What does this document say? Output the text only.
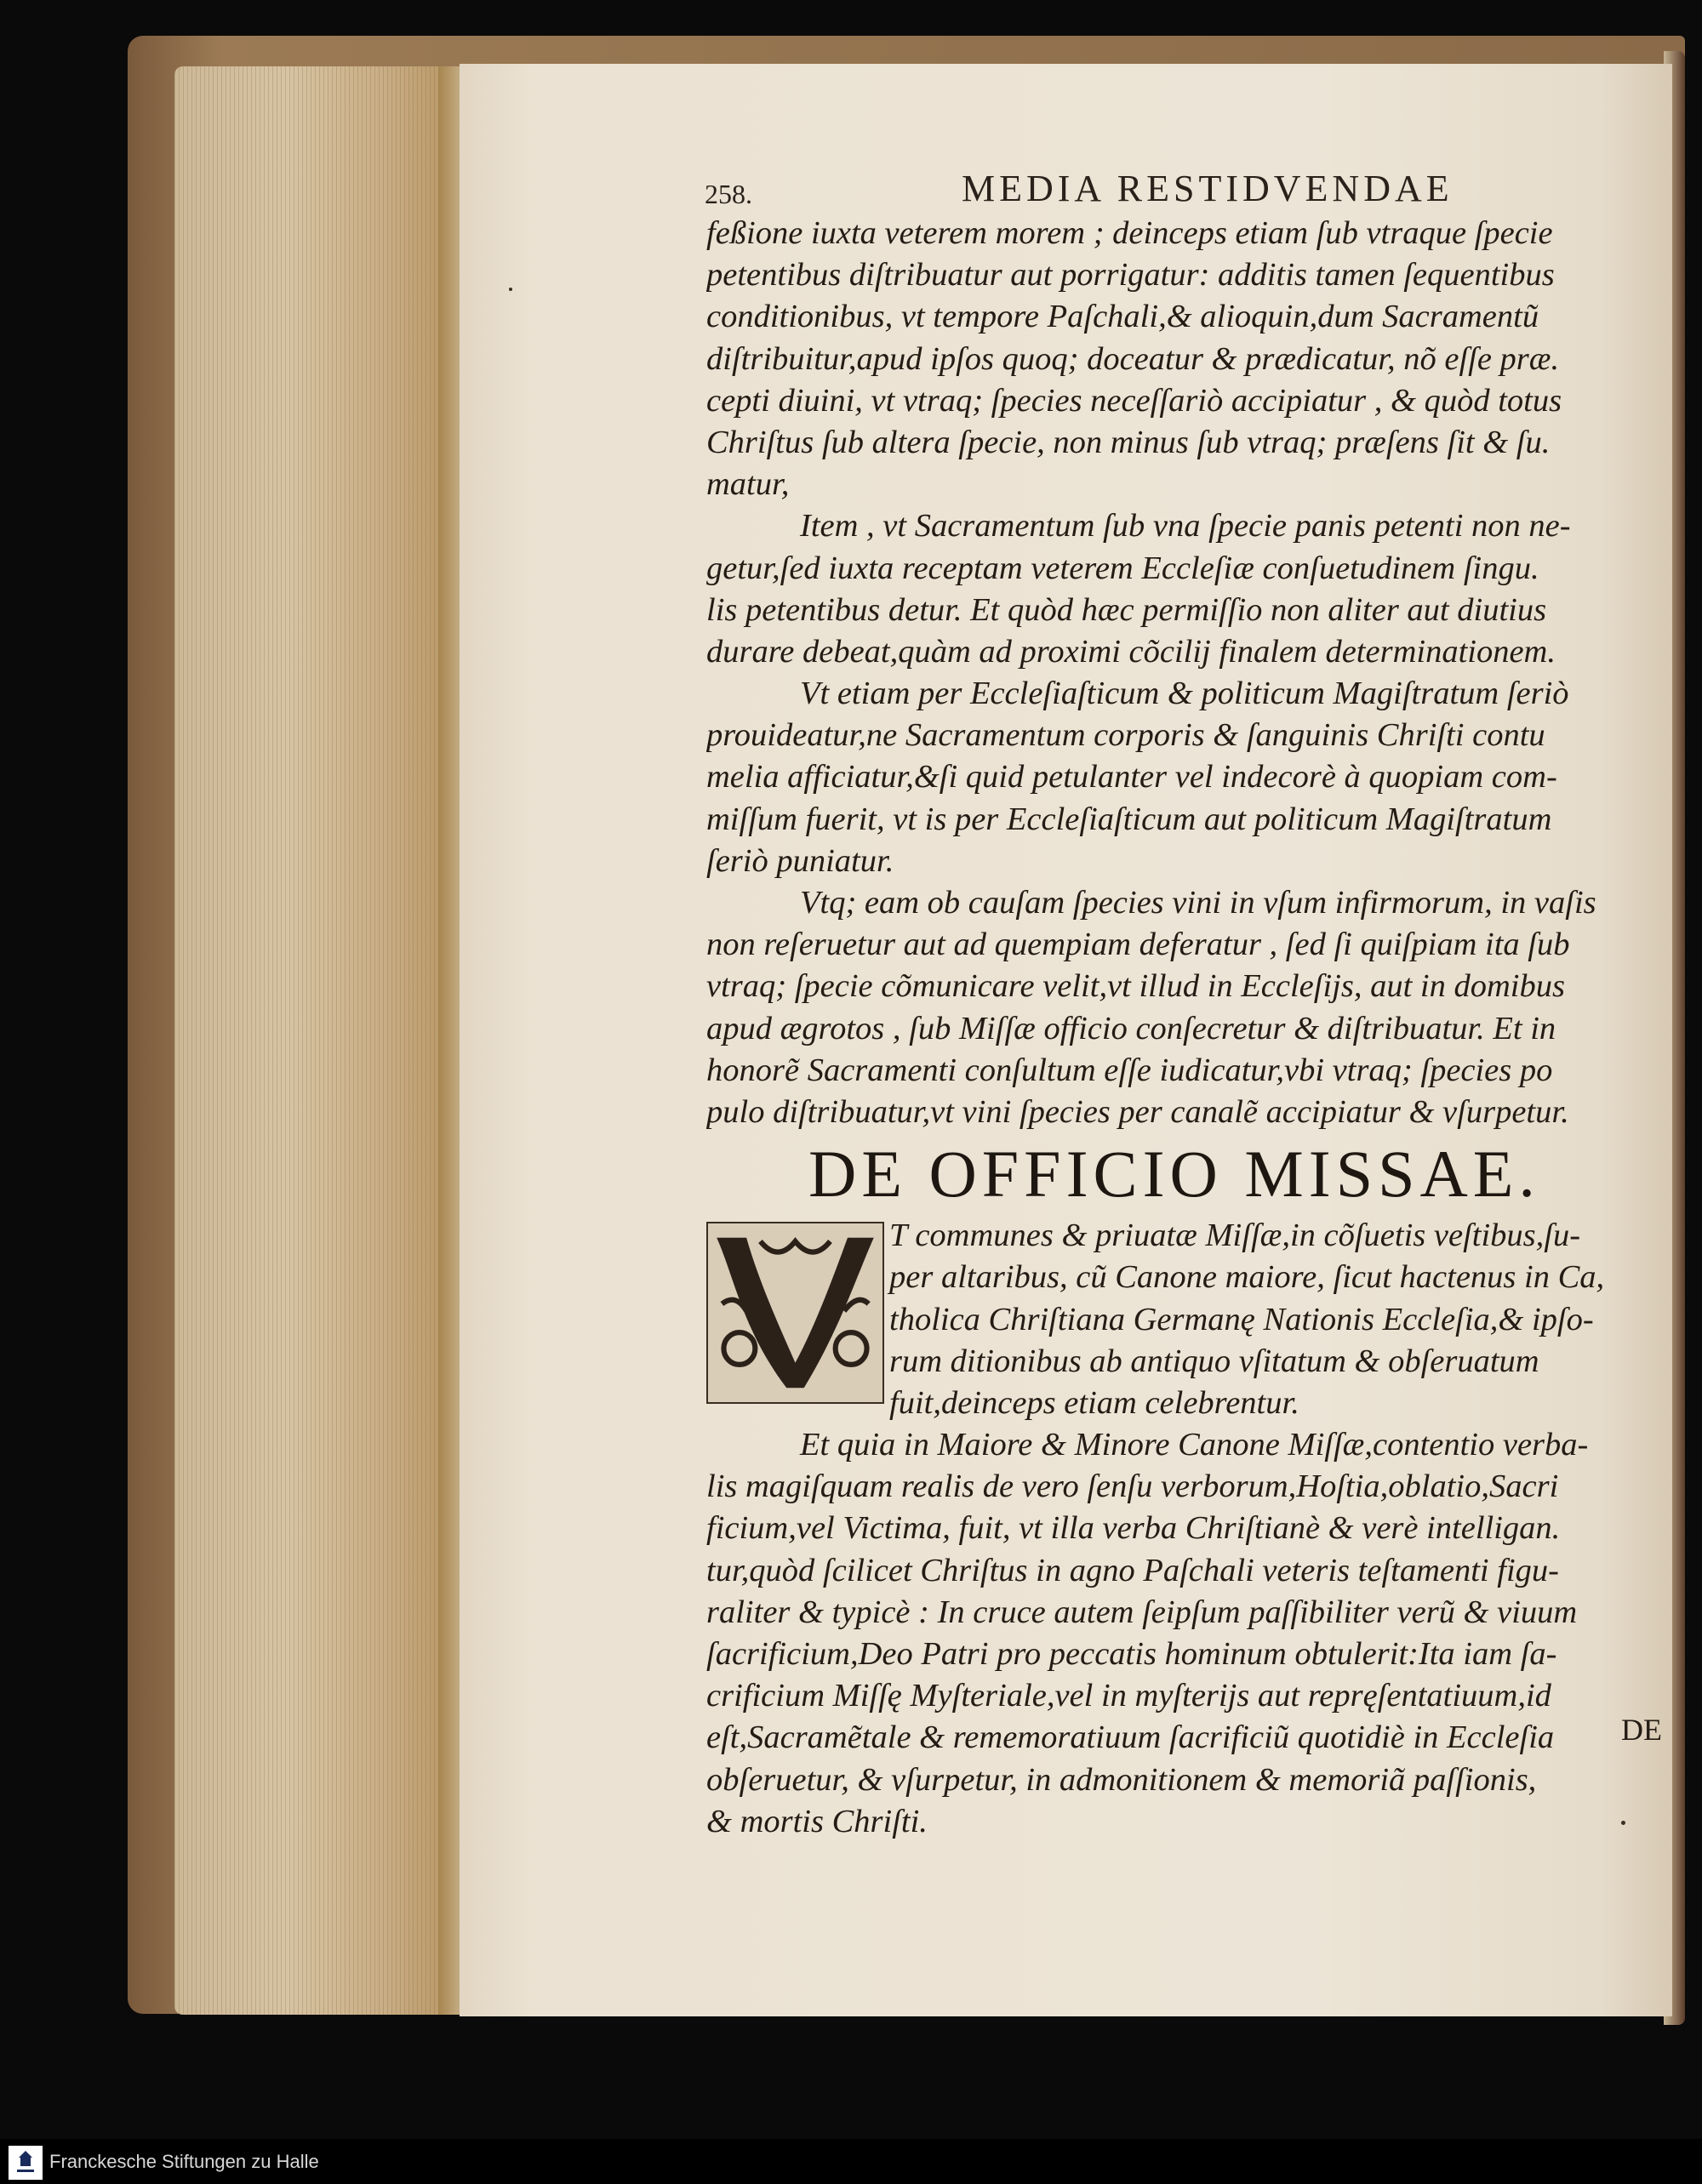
258.	MEDIA RESTIDVENDAE
feßione iuxta veterem morem ; deinceps etiam ſub vtraque ſpecie
petentibus diſtribuatur aut porrigatur: additis tamen ſequentibus
conditionibus, vt tempore Paſchali,& alioquin,dum Sacramentũ
diſtribuitur,apud ipſos quoq; doceatur & prædicatur, nõ eſſe præ.
cepti diuini, vt vtraq; ſpecies neceſſariò accipiatur , & quòd totus
Chriſtus ſub altera ſpecie, non minus ſub vtraq; præſens ſit & ſu.
matur,
Item , vt Sacramentum ſub vna ſpecie panis petenti non ne-
getur,ſed iuxta receptam veterem Eccleſiæ conſuetudinem ſingu.
lis petentibus detur. Et quòd hæc permiſſio non aliter aut diutius
durare debeat,quàm ad proximi cõcilij finalem determinationem.
Vt etiam per Eccleſiaſticum & politicum Magiſtratum ſeriò
prouideatur,ne Sacramentum corporis & ſanguinis Chriſti contu
melia afficiatur,&ſi quid petulanter vel indecorè à quopiam com-
miſſum fuerit, vt is per Eccleſiaſticum aut politicum Magiſtratum
ſeriò puniatur.
Vtq; eam ob cauſam ſpecies vini in vſum infirmorum, in vaſis
non reſeruetur aut ad quempiam deferatur , ſed ſi quiſpiam ita ſub
vtraq; ſpecie cõmunicare velit,vt illud in Eccleſijs, aut in domibus
apud ægrotos , ſub Miſſæ officio conſecretur & diſtribuatur. Et in
honorẽ Sacramenti conſultum eſſe iudicatur,vbi vtraq; ſpecies po
pulo diſtribuatur,vt vini ſpecies per canalẽ accipiatur & vſurpetur.
DE OFFICIO MISSAE.
T communes & priuatæ Miſſæ,in cõſuetis veſtibus,ſu-
per altaribus, cũ Canone maiore, ſicut hactenus in Ca,
tholica Chriſtiana Germanę Nationis Eccleſia,& ipſo-
rum ditionibus ab antiquo vſitatum & obſeruatum
fuit,deinceps etiam celebrentur.
Et quia in Maiore & Minore Canone Miſſæ,contentio verba-
lis magiſquam realis de vero ſenſu verborum,Hoſtia,oblatio,Sacri
ficium,vel Victima, fuit, vt illa verba Chriſtianè & verè intelligan.
tur,quòd ſcilicet Chriſtus in agno Paſchali veteris teſtamenti figu-
raliter & typicè : In cruce autem ſeipſum paſſibiliter verũ & viuum
ſacrificium,Deo Patri pro peccatis hominum obtulerit:Ita iam ſa-
crificium Miſſę Myſteriale,vel in myſterijs aut repręſentatiuum,id
eſt,Sacramẽtale & rememoratiuum ſacrificiũ quotidiè in Eccleſia
obſeruetur, & vſurpetur, in admonitionem & memoriã paſſionis,
& mortis Chriſti.
DE
Franckesche Stiftungen zu Halle
